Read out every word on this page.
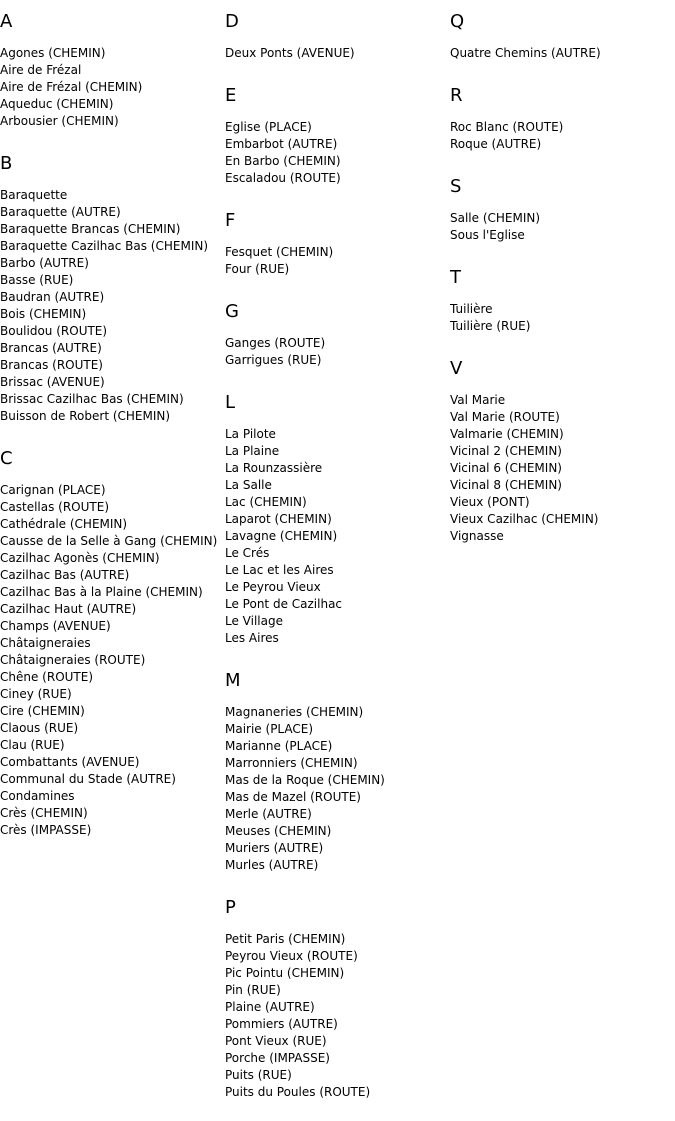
A
Agones (CHEMIN)
Aire de Frézal
Aire de Frézal (CHEMIN)
Aqueduc (CHEMIN)
Arbousier (CHEMIN)
B
Baraquette
Baraquette (AUTRE)
Baraquette Brancas (CHEMIN)
Baraquette Cazilhac Bas (CHEMIN)
Barbo (AUTRE)
Basse (RUE)
Baudran (AUTRE)
Bois (CHEMIN)
Boulidou (ROUTE)
Brancas (AUTRE)
Brancas (ROUTE)
Brissac (AVENUE)
Brissac Cazilhac Bas (CHEMIN)
Buisson de Robert (CHEMIN)
C
Carignan (PLACE)
Castellas (ROUTE)
Cathédrale (CHEMIN)
Causse de la Selle à Gang (CHEMIN)
Cazilhac Agonès (CHEMIN)
Cazilhac Bas (AUTRE)
Cazilhac Bas à la Plaine (CHEMIN)
Cazilhac Haut (AUTRE)
Champs (AVENUE)
Châtaigneraies
Châtaigneraies (ROUTE)
Chêne (ROUTE)
Ciney (RUE)
Cire (CHEMIN)
Claous (RUE)
Clau (RUE)
Combattants (AVENUE)
Communal du Stade (AUTRE)
Condamines
Crès (CHEMIN)
Crès (IMPASSE)
D
Deux Ponts (AVENUE)
E
Eglise (PLACE)
Embarbot (AUTRE)
En Barbo (CHEMIN)
Escaladou (ROUTE)
F
Fesquet (CHEMIN)
Four (RUE)
G
Ganges (ROUTE)
Garrigues (RUE)
L
La Pilote
La Plaine
La Rounzassière
La Salle
Lac (CHEMIN)
Laparot (CHEMIN)
Lavagne (CHEMIN)
Le Crés
Le Lac et les Aires
Le Peyrou Vieux
Le Pont de Cazilhac
Le Village
Les Aires
M
Magnaneries (CHEMIN)
Mairie (PLACE)
Marianne (PLACE)
Marronniers (CHEMIN)
Mas de la Roque (CHEMIN)
Mas de Mazel (ROUTE)
Merle (AUTRE)
Meuses (CHEMIN)
Muriers (AUTRE)
Murles (AUTRE)
P
Petit Paris (CHEMIN)
Peyrou Vieux (ROUTE)
Pic Pointu (CHEMIN)
Pin (RUE)
Plaine (AUTRE)
Pommiers (AUTRE)
Pont Vieux (RUE)
Porche (IMPASSE)
Puits (RUE)
Puits du Poules (ROUTE)
Q
Quatre Chemins (AUTRE)
R
Roc Blanc (ROUTE)
Roque (AUTRE)
S
Salle (CHEMIN)
Sous l'Eglise
T
Tuilière
Tuilière (RUE)
V
Val Marie
Val Marie (ROUTE)
Valmarie (CHEMIN)
Vicinal 2 (CHEMIN)
Vicinal 6 (CHEMIN)
Vicinal 8 (CHEMIN)
Vieux (PONT)
Vieux Cazilhac (CHEMIN)
Vignasse
